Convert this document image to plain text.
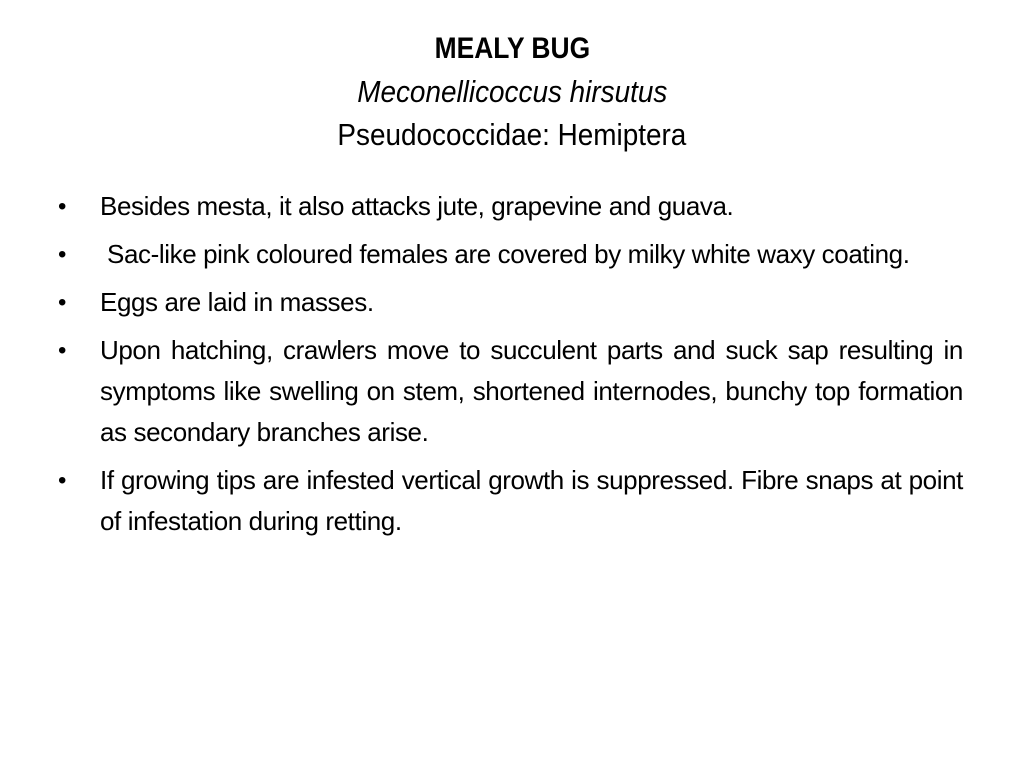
MEALY BUG
Meconellicoccus hirsutus
Pseudococcidae: Hemiptera
•	Besides mesta, it also attacks jute, grapevine and guava.
•	Sac-like pink coloured females are covered by milky white waxy coating.
•	Eggs are laid in masses.
•	Upon hatching, crawlers move to succulent parts and suck sap resulting in symptoms like swelling on stem, shortened internodes, bunchy top formation as secondary branches arise.
•	If growing tips are infested vertical growth is suppressed. Fibre snaps at point of infestation during retting.
